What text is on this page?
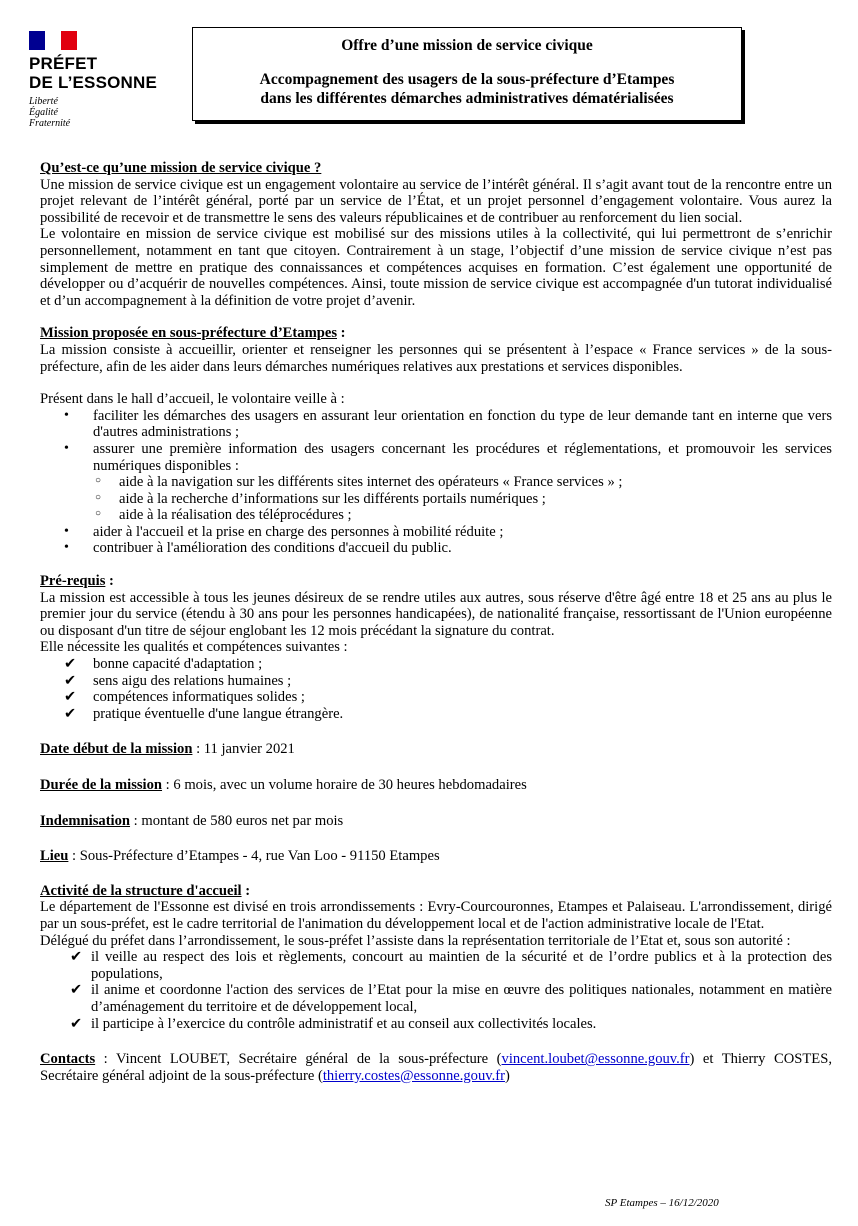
PRÉFET
DE L’ESSONNE
Liberté
Égalité
Fraternité
Offre d’une mission de service civique
Accompagnement des usagers de la sous-préfecture d’Etampes
dans les différentes démarches administratives dématérialisées

Qu’est-ce qu’une mission de service civique ?

Une mission de service civique est un engagement volontaire au service de l’intérêt général. Il s’agit avant tout de la rencontre entre un projet relevant de l’intérêt général, porté par un service de l’État, et un projet personnel d’engagement volontaire. Vous aurez la possibilité de recevoir et de transmettre le sens des valeurs républicaines et de contribuer au renforcement du lien social.

Le volontaire en mission de service civique est mobilisé sur des missions utiles à la collectivité, qui lui permettront de s’enrichir personnellement, notamment en tant que citoyen. Contrairement à un stage, l’objectif d’une mission de service civique n’est pas simplement de mettre en pratique des connaissances et compétences acquises en formation. C’est également une opportunité de développer ou d’acquérir de nouvelles compétences. Ainsi, toute mission de service civique est accompagnée d'un tutorat individualisé et d’un accompagnement à la définition de votre projet d’avenir.

Mission proposée en sous-préfecture d’Etampes :

La mission consiste à accueillir, orienter et renseigner les personnes qui se présentent à l’espace « France services » de la sous-préfecture, afin de les aider dans leurs démarches numériques relatives aux prestations et services disponibles.

Présent dans le hall d’accueil, le volontaire veille à :

• faciliter les démarches des usagers en assurant leur orientation en fonction du type de leur demande tant en interne que vers d'autres administrations ;
• assurer une première information des usagers concernant les procédures et réglementations, et promouvoir les services numériques disponibles :
○ aide à la navigation sur les différents sites internet des opérateurs « France services » ;
○ aide à la recherche d’informations sur les différents portails numériques ;
○ aide à la réalisation des téléprocédures ;
• aider à l'accueil et la prise en charge des personnes à mobilité réduite ;
• contribuer à l'amélioration des conditions d'accueil du public.

Pré-requis :

La mission est accessible à tous les jeunes désireux de se rendre utiles aux autres, sous réserve d'être âgé entre 18 et 25 ans au plus le premier jour du service (étendu à 30 ans pour les personnes handicapées), de nationalité française, ressortissant de l'Union européenne ou disposant d'un titre de séjour englobant les 12 mois précédant la signature du contrat.

Elle nécessite les qualités et compétences suivantes :

✔ bonne capacité d'adaptation ;
✔ sens aigu des relations humaines ;
✔ compétences informatiques solides ;
✔ pratique éventuelle d'une langue étrangère.

Date début de la mission : 11 janvier 2021

Durée de la mission : 6 mois, avec un volume horaire de 30 heures hebdomadaires

Indemnisation : montant de 580 euros net par mois

Lieu : Sous-Préfecture d’Etampes - 4, rue Van Loo - 91150 Etampes

Activité de la structure d'accueil :

Le département de l'Essonne est divisé en trois arrondissements : Evry-Courcouronnes, Etampes et Palaiseau. L'arrondissement, dirigé par un sous-préfet, est le cadre territorial de l'animation du développement local et de l'action administrative locale de l'Etat.

Délégué du préfet dans l’arrondissement, le sous-préfet l’assiste dans la représentation territoriale de l’Etat et, sous son autorité :

✔ il veille au respect des lois et règlements, concourt au maintien de la sécurité et de l’ordre publics et à la protection des populations,
✔ il anime et coordonne l'action des services de l’Etat pour la mise en œuvre des politiques nationales, notamment en matière d’aménagement du territoire et de développement local,
✔ il participe à l’exercice du contrôle administratif et au conseil aux collectivités locales.

Contacts : Vincent LOUBET, Secrétaire général de la sous-préfecture (vincent.loubet@essonne.gouv.fr) et Thierry COSTES, Secrétaire général adjoint de la sous-préfecture (thierry.costes@essonne.gouv.fr)

SP Etampes – 16/12/2020
